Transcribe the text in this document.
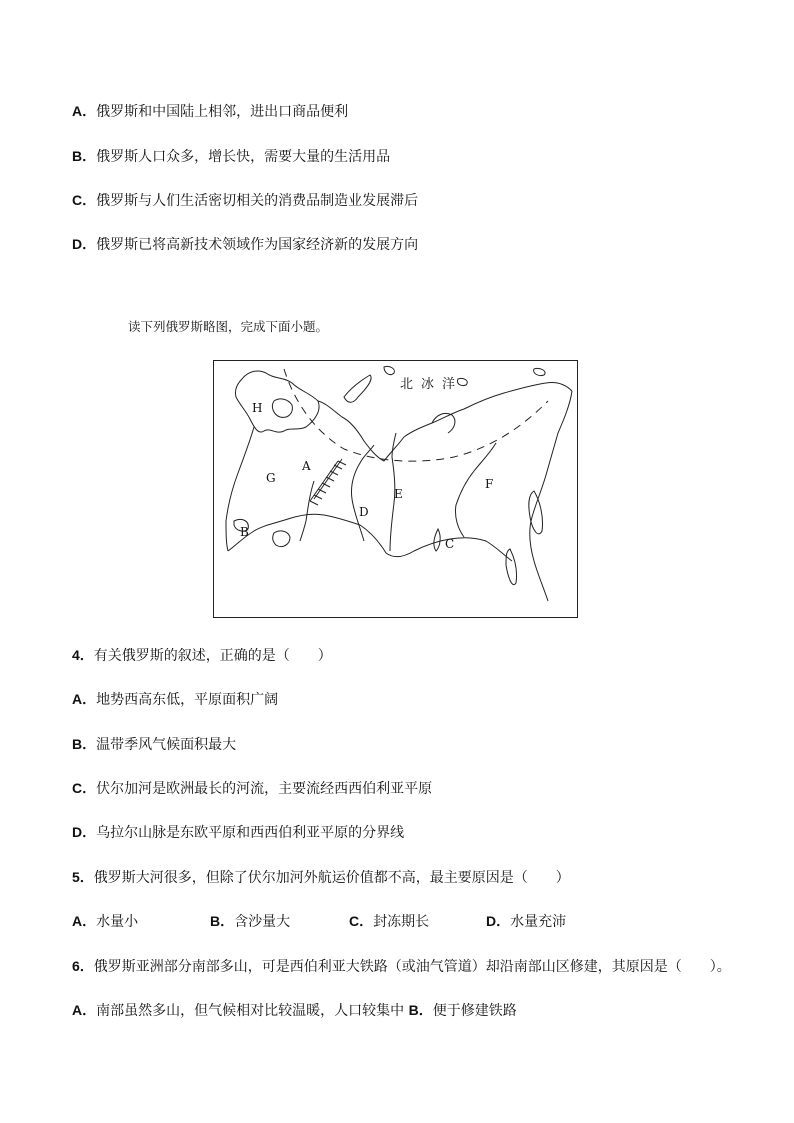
A．俄罗斯和中国陆上相邻，进出口商品便利
B．俄罗斯人口众多，增长快，需要大量的生活用品
C．俄罗斯与人们生活密切相关的消费品制造业发展滞后
D．俄罗斯已将高新技术领域作为国家经济新的发展方向
读下列俄罗斯略图，完成下面小题。
北冰洋
A
B
C
D
E
F
G
H
4．有关俄罗斯的叙述，正确的是（　　）
A．地势西高东低，平原面积广阔
B．温带季风气候面积最大
C．伏尔加河是欧洲最长的河流，主要流经西西伯利亚平原
D．乌拉尔山脉是东欧平原和西西伯利亚平原的分界线
5．俄罗斯大河很多，但除了伏尔加河外航运价值都不高，最主要原因是（　　）
A．水量小	B．含沙量大	C．封冻期长	D．水量充沛
6．俄罗斯亚洲部分南部多山，可是西伯利亚大铁路（或油气管道）却沿南部山区修建，其原因是（　　）。
A．南部虽然多山，但气候相对比较温暖，人口较集中 B．便于修建铁路
